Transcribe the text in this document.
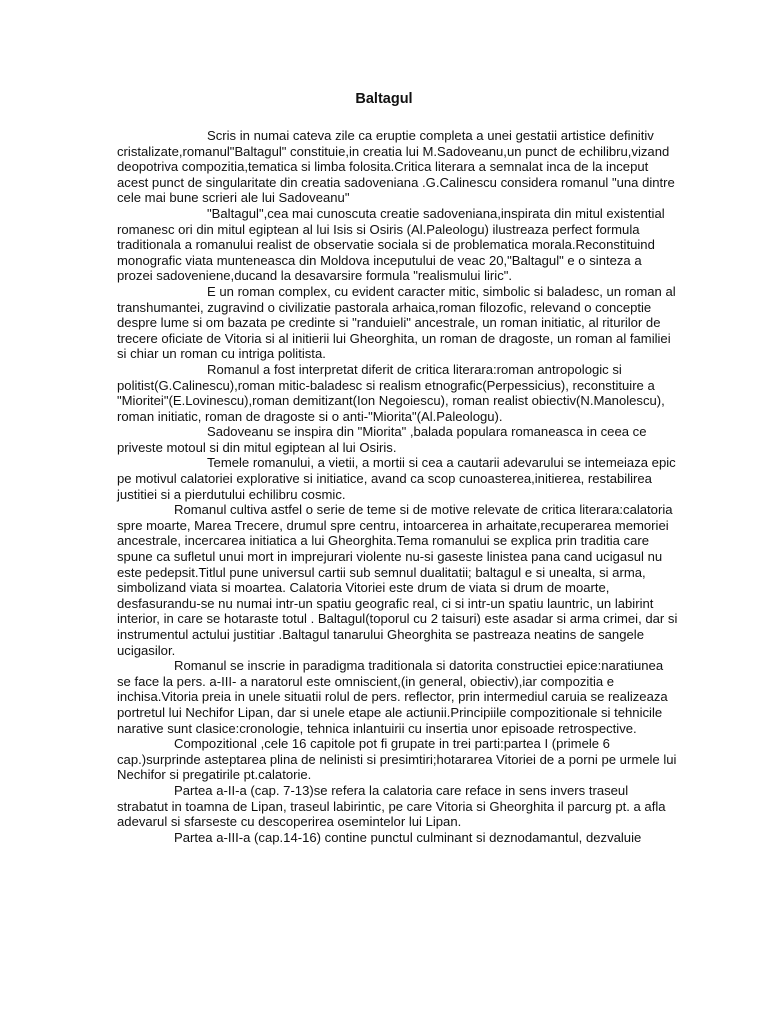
Baltagul

Scris in numai cateva zile ca eruptie completa a unei gestatii artistice definitiv cristalizate,romanul"Baltagul" constituie,in creatia lui M.Sadoveanu,un punct de echilibru,vizand deopotriva compozitia,tematica si limba folosita.Critica literara a semnalat inca de la inceput acest punct de singularitate din creatia sadoveniana .G.Calinescu considera romanul "una dintre cele mai bune scrieri ale lui Sadoveanu"

"Baltagul",cea mai cunoscuta creatie sadoveniana,inspirata din mitul existential romanesc ori din mitul egiptean al lui Isis si Osiris (Al.Paleologu) ilustreaza perfect formula traditionala a romanului realist de observatie sociala si de problematica morala.Reconstituind monografic viata munteneasca din Moldova inceputului de veac 20,"Baltagul" e o sinteza a prozei sadoveniene,ducand la desavarsire formula "realismului liric".

E un roman complex, cu evident caracter mitic, simbolic si baladesc, un roman al transhumantei, zugravind o civilizatie pastorala arhaica,roman filozofic, relevand o conceptie despre lume si om bazata pe credinte si "randuieli" ancestrale, un roman initiatic, al riturilor de trecere oficiate de Vitoria si al initierii lui Gheorghita, un roman de dragoste, un roman al familiei si chiar un roman cu intriga politista.

Romanul a fost interpretat diferit de critica literara:roman antropologic si politist(G.Calinescu),roman mitic-baladesc si realism etnografic(Perpessicius), reconstituire a "Mioritei"(E.Lovinescu),roman demitizant(Ion Negoiescu), roman realist obiectiv(N.Manolescu), roman initiatic, roman de dragoste si o anti-"Miorita"(Al.Paleologu).

Sadoveanu se inspira din "Miorita" ,balada populara romaneasca in ceea ce priveste motoul si din mitul egiptean al lui Osiris.

Temele romanului, a vietii, a mortii si cea a cautarii adevarului se intemeiaza epic pe motivul calatoriei explorative si initiatice, avand ca scop cunoasterea,initierea, restabilirea justitiei si a pierdutului echilibru cosmic.

Romanul cultiva astfel o serie de teme si de motive relevate de critica literara:calatoria spre moarte, Marea Trecere, drumul spre centru, intoarcerea in arhaitate,recuperarea memoriei ancestrale, incercarea initiatica a lui Gheorghita.Tema romanului se explica prin traditia care spune ca sufletul unui mort in imprejurari violente nu-si gaseste linistea pana cand ucigasul nu este pedepsit.Titlul pune universul cartii sub semnul dualitatii; baltagul e si unealta, si arma, simbolizand viata si moartea. Calatoria Vitoriei este drum de viata si drum de moarte, desfasurandu-se nu numai intr-un spatiu geografic real, ci si intr-un spatiu launtric, un labirint interior, in care se hotaraste totul . Baltagul(toporul cu 2 taisuri) este asadar si arma crimei, dar si instrumentul actului justitiar .Baltagul tanarului Gheorghita se pastreaza neatins de sangele ucigasilor.

Romanul se inscrie in paradigma traditionala si datorita constructiei epice:naratiunea se face la pers. a-III- a naratorul este omniscient,(in general, obiectiv),iar compozitia e inchisa.Vitoria preia in unele situatii rolul de pers. reflector, prin intermediul caruia se realizeaza portretul lui Nechifor Lipan, dar si unele etape ale actiunii.Principiile compozitionale si tehnicile narative sunt clasice:cronologie, tehnica inlantuirii cu insertia unor episoade retrospective.

Compozitional ,cele 16 capitole pot fi grupate in trei parti:partea I (primele 6 cap.)surprinde asteptarea plina de nelinisti si presimtiri;hotararea Vitoriei de a porni pe urmele lui Nechifor si pregatirile pt.calatorie.

Partea a-II-a (cap. 7-13)se refera la calatoria care reface in sens invers traseul strabatut in toamna de Lipan, traseul labirintic, pe care Vitoria si Gheorghita il parcurg pt. a afla adevarul si sfarseste cu descoperirea osemintelor lui Lipan.

Partea a-III-a (cap.14-16) contine punctul culminant si deznodamantul, dezvaluie
